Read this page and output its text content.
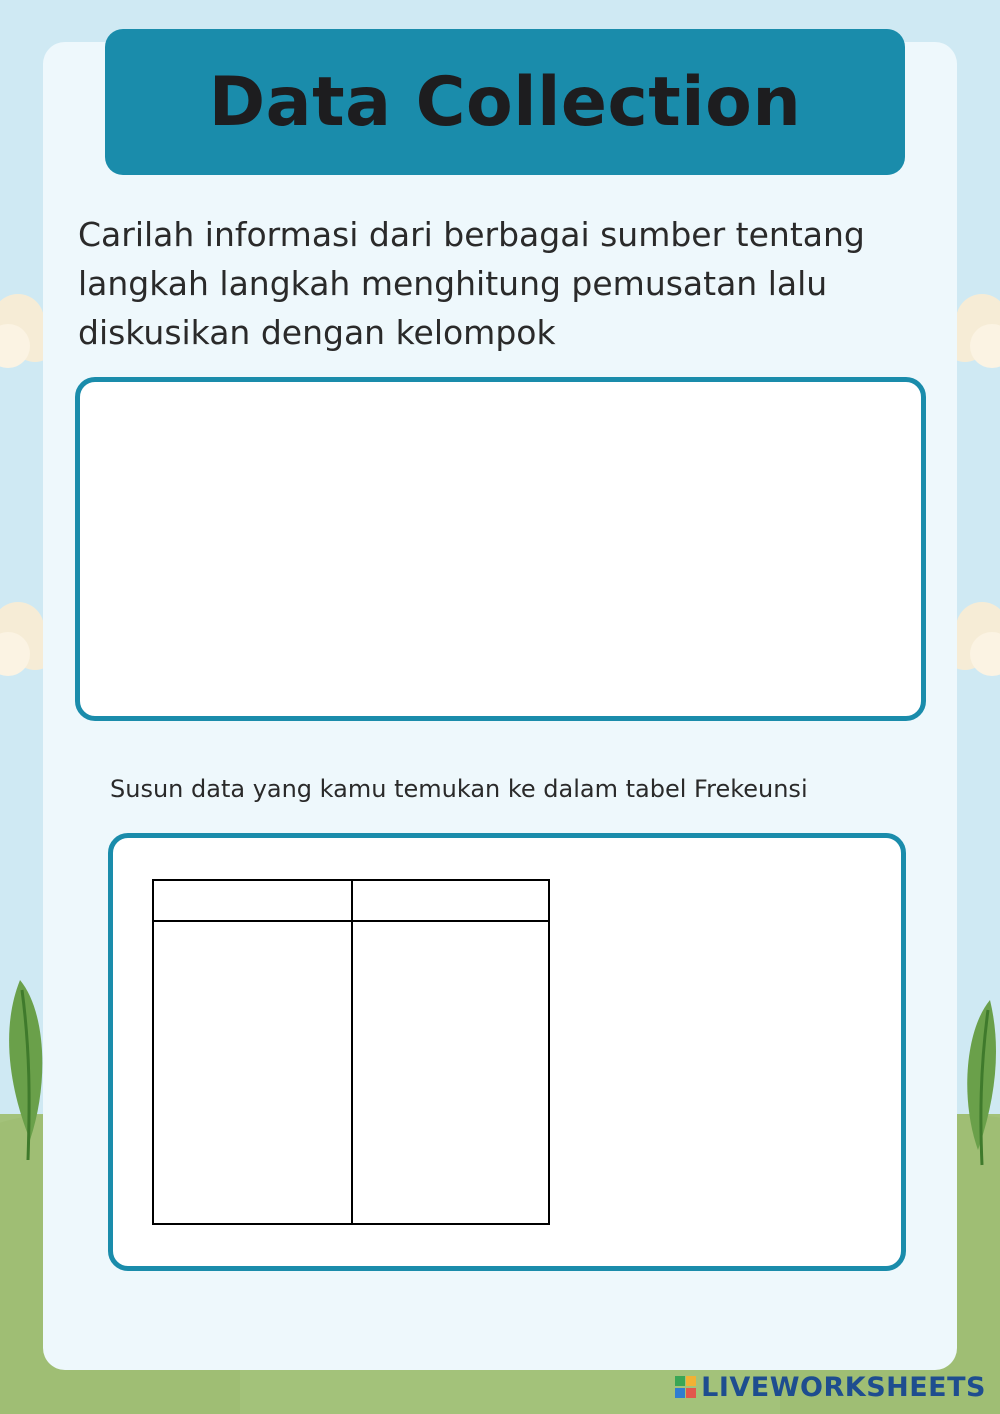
Data Collection
Carilah informasi dari berbagai sumber tentang langkah langkah menghitung pemusatan lalu diskusikan dengan kelompok
Susun data yang kamu temukan ke dalam tabel Frekeunsi
LIVEWORKSHEETS
